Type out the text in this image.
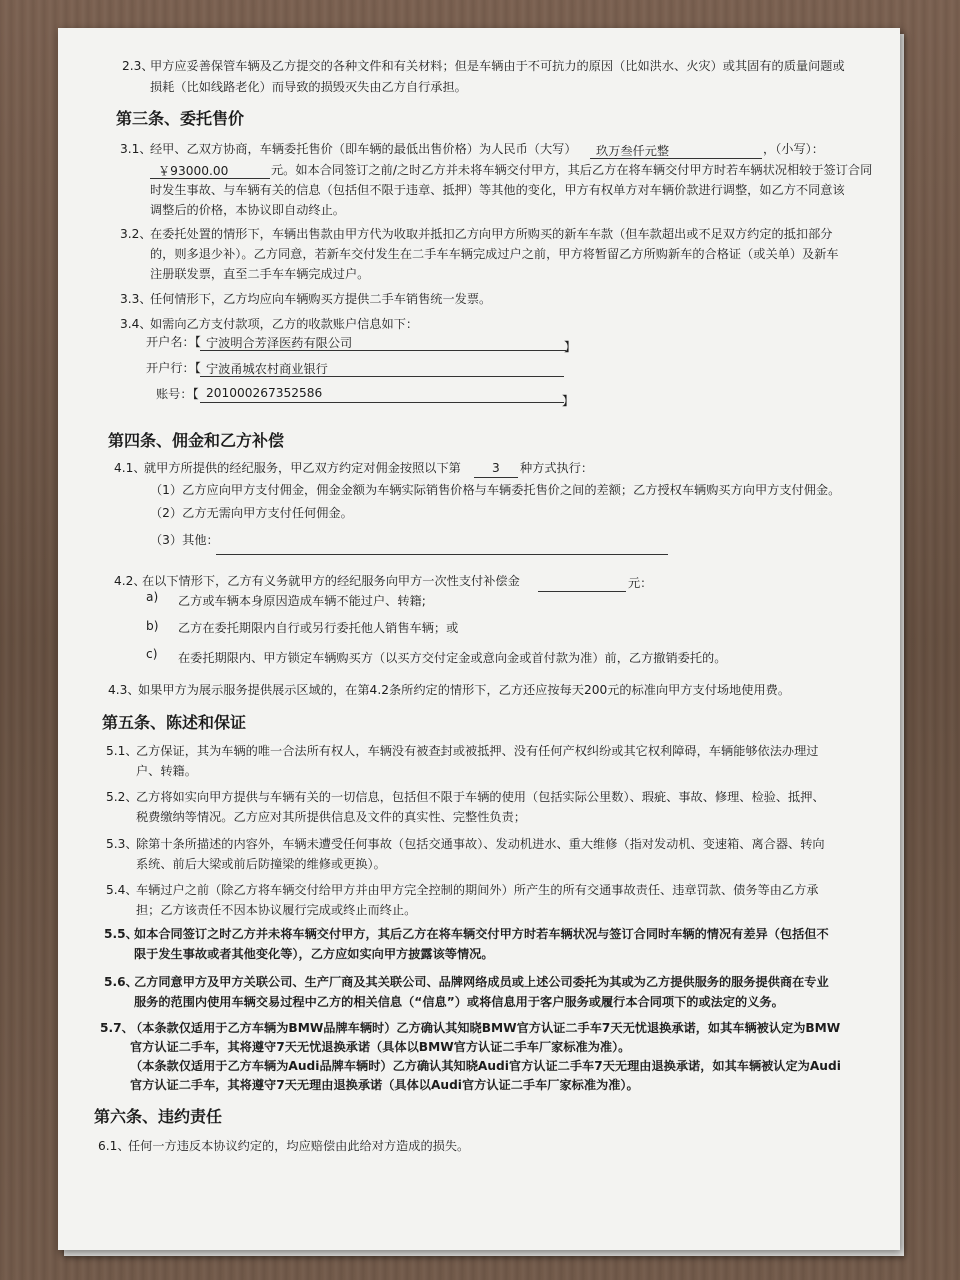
2.3、
甲方应妥善保管车辆及乙方提交的各种文件和有关材料；但是车辆由于不可抗力的原因（比如洪水、火灾）或其固有的质量问题或
损耗（比如线路老化）而导致的损毁灭失由乙方自行承担。
第三条、委托售价
3.1、
经甲、乙双方协商，车辆委托售价（即车辆的最低出售价格）为人民币（大写） 玖万叁仟元整	，（小写）：
￥93000.00	元。如本合同签订之前/之时乙方并未将车辆交付甲方，其后乙方在将车辆交付甲方时若车辆状况相较于签订合同
时发生事故、与车辆有关的信息（包括但不限于违章、抵押）等其他的变化，甲方有权单方对车辆价款进行调整，如乙方不同意该
调整后的价格，本协议即自动终止。
3.2、
在委托处置的情形下，车辆出售款由甲方代为收取并抵扣乙方向甲方所购买的新车车款（但车款超出或不足双方约定的抵扣部分
的，则多退少补）。乙方同意，若新车交付发生在二手车车辆完成过户之前，甲方将暂留乙方所购新车的合格证（或关单）及新车
注册联发票，直至二手车车辆完成过户。
3.3、
任何情形下，乙方均应向车辆购买方提供二手车销售统一发票。
3.4、
如需向乙方支付款项，乙方的收款账户信息如下：
开户名：【 宁波明合芳泽医药有限公司	】
开户行：【 宁波甬城农村商业银行
账号：【 201000267352586
】
第四条、佣金和乙方补偿
4.1、
就甲方所提供的经纪服务，甲乙双方约定对佣金按照以下第	3 种方式执行：
（1）乙方应向甲方支付佣金，佣金金额为车辆实际销售价格与车辆委托售价之间的差额；乙方授权车辆购买方向甲方支付佣金。
（2）乙方无需向甲方支付任何佣金。
（3）其他：
4.2、
在以下情形下，乙方有义务就甲方的经纪服务向甲方一次性支付补偿金	元：
a) 乙方或车辆本身原因造成车辆不能过户、转籍;
b) 乙方在委托期限内自行或另行委托他人销售车辆；或
c) 在委托期限内、甲方锁定车辆购买方（以买方交付定金或意向金或首付款为准）前，乙方撤销委托的。
4.3、
如果甲方为展示服务提供展示区域的，在第4.2条所约定的情形下，乙方还应按每天200元的标准向甲方支付场地使用费。
第五条、陈述和保证
5.1、
乙方保证，其为车辆的唯一合法所有权人，车辆没有被查封或被抵押、没有任何产权纠纷或其它权利障碍，车辆能够依法办理过
户、转籍。
5.2、
乙方将如实向甲方提供与车辆有关的一切信息，包括但不限于车辆的使用（包括实际公里数）、瑕疵、事故、修理、检验、抵押、
税费缴纳等情况。乙方应对其所提供信息及文件的真实性、完整性负责；
5.3、
除第十条所描述的内容外，车辆未遭受任何事故（包括交通事故）、发动机进水、重大维修（指对发动机、变速箱、离合器、转向
系统、前后大梁或前后防撞梁的维修或更换）。
5.4、
车辆过户之前（除乙方将车辆交付给甲方并由甲方完全控制的期间外）所产生的所有交通事故责任、违章罚款、债务等由乙方承
担；乙方该责任不因本协议履行完成或终止而终止。
5.5、
如本合同签订之时乙方并未将车辆交付甲方，其后乙方在将车辆交付甲方时若车辆状况与签订合同时车辆的情况有差异（包括但不
限于发生事故或者其他变化等），乙方应如实向甲方披露该等情况。
5.6、
乙方同意甲方及甲方关联公司、生产厂商及其关联公司、品牌网络成员或上述公司委托为其或为乙方提供服务的服务提供商在专业
服务的范围内使用车辆交易过程中乙方的相关信息（“信息”）或将信息用于客户服务或履行本合同项下的或法定的义务。
5.7、
（本条款仅适用于乙方车辆为BMW品牌车辆时）乙方确认其知晓BMW官方认证二手车7天无忧退换承诺，如其车辆被认定为BMW
官方认证二手车，其将遵守7天无忧退换承诺（具体以BMW官方认证二手车厂家标准为准）。
（本条款仅适用于乙方车辆为Audi品牌车辆时）乙方确认其知晓Audi官方认证二手车7天无理由退换承诺，如其车辆被认定为Audi
官方认证二手车，其将遵守7天无理由退换承诺（具体以Audi官方认证二手车厂家标准为准）。
第六条、违约责任
6.1、
任何一方违反本协议约定的，均应赔偿由此给对方造成的损失。
